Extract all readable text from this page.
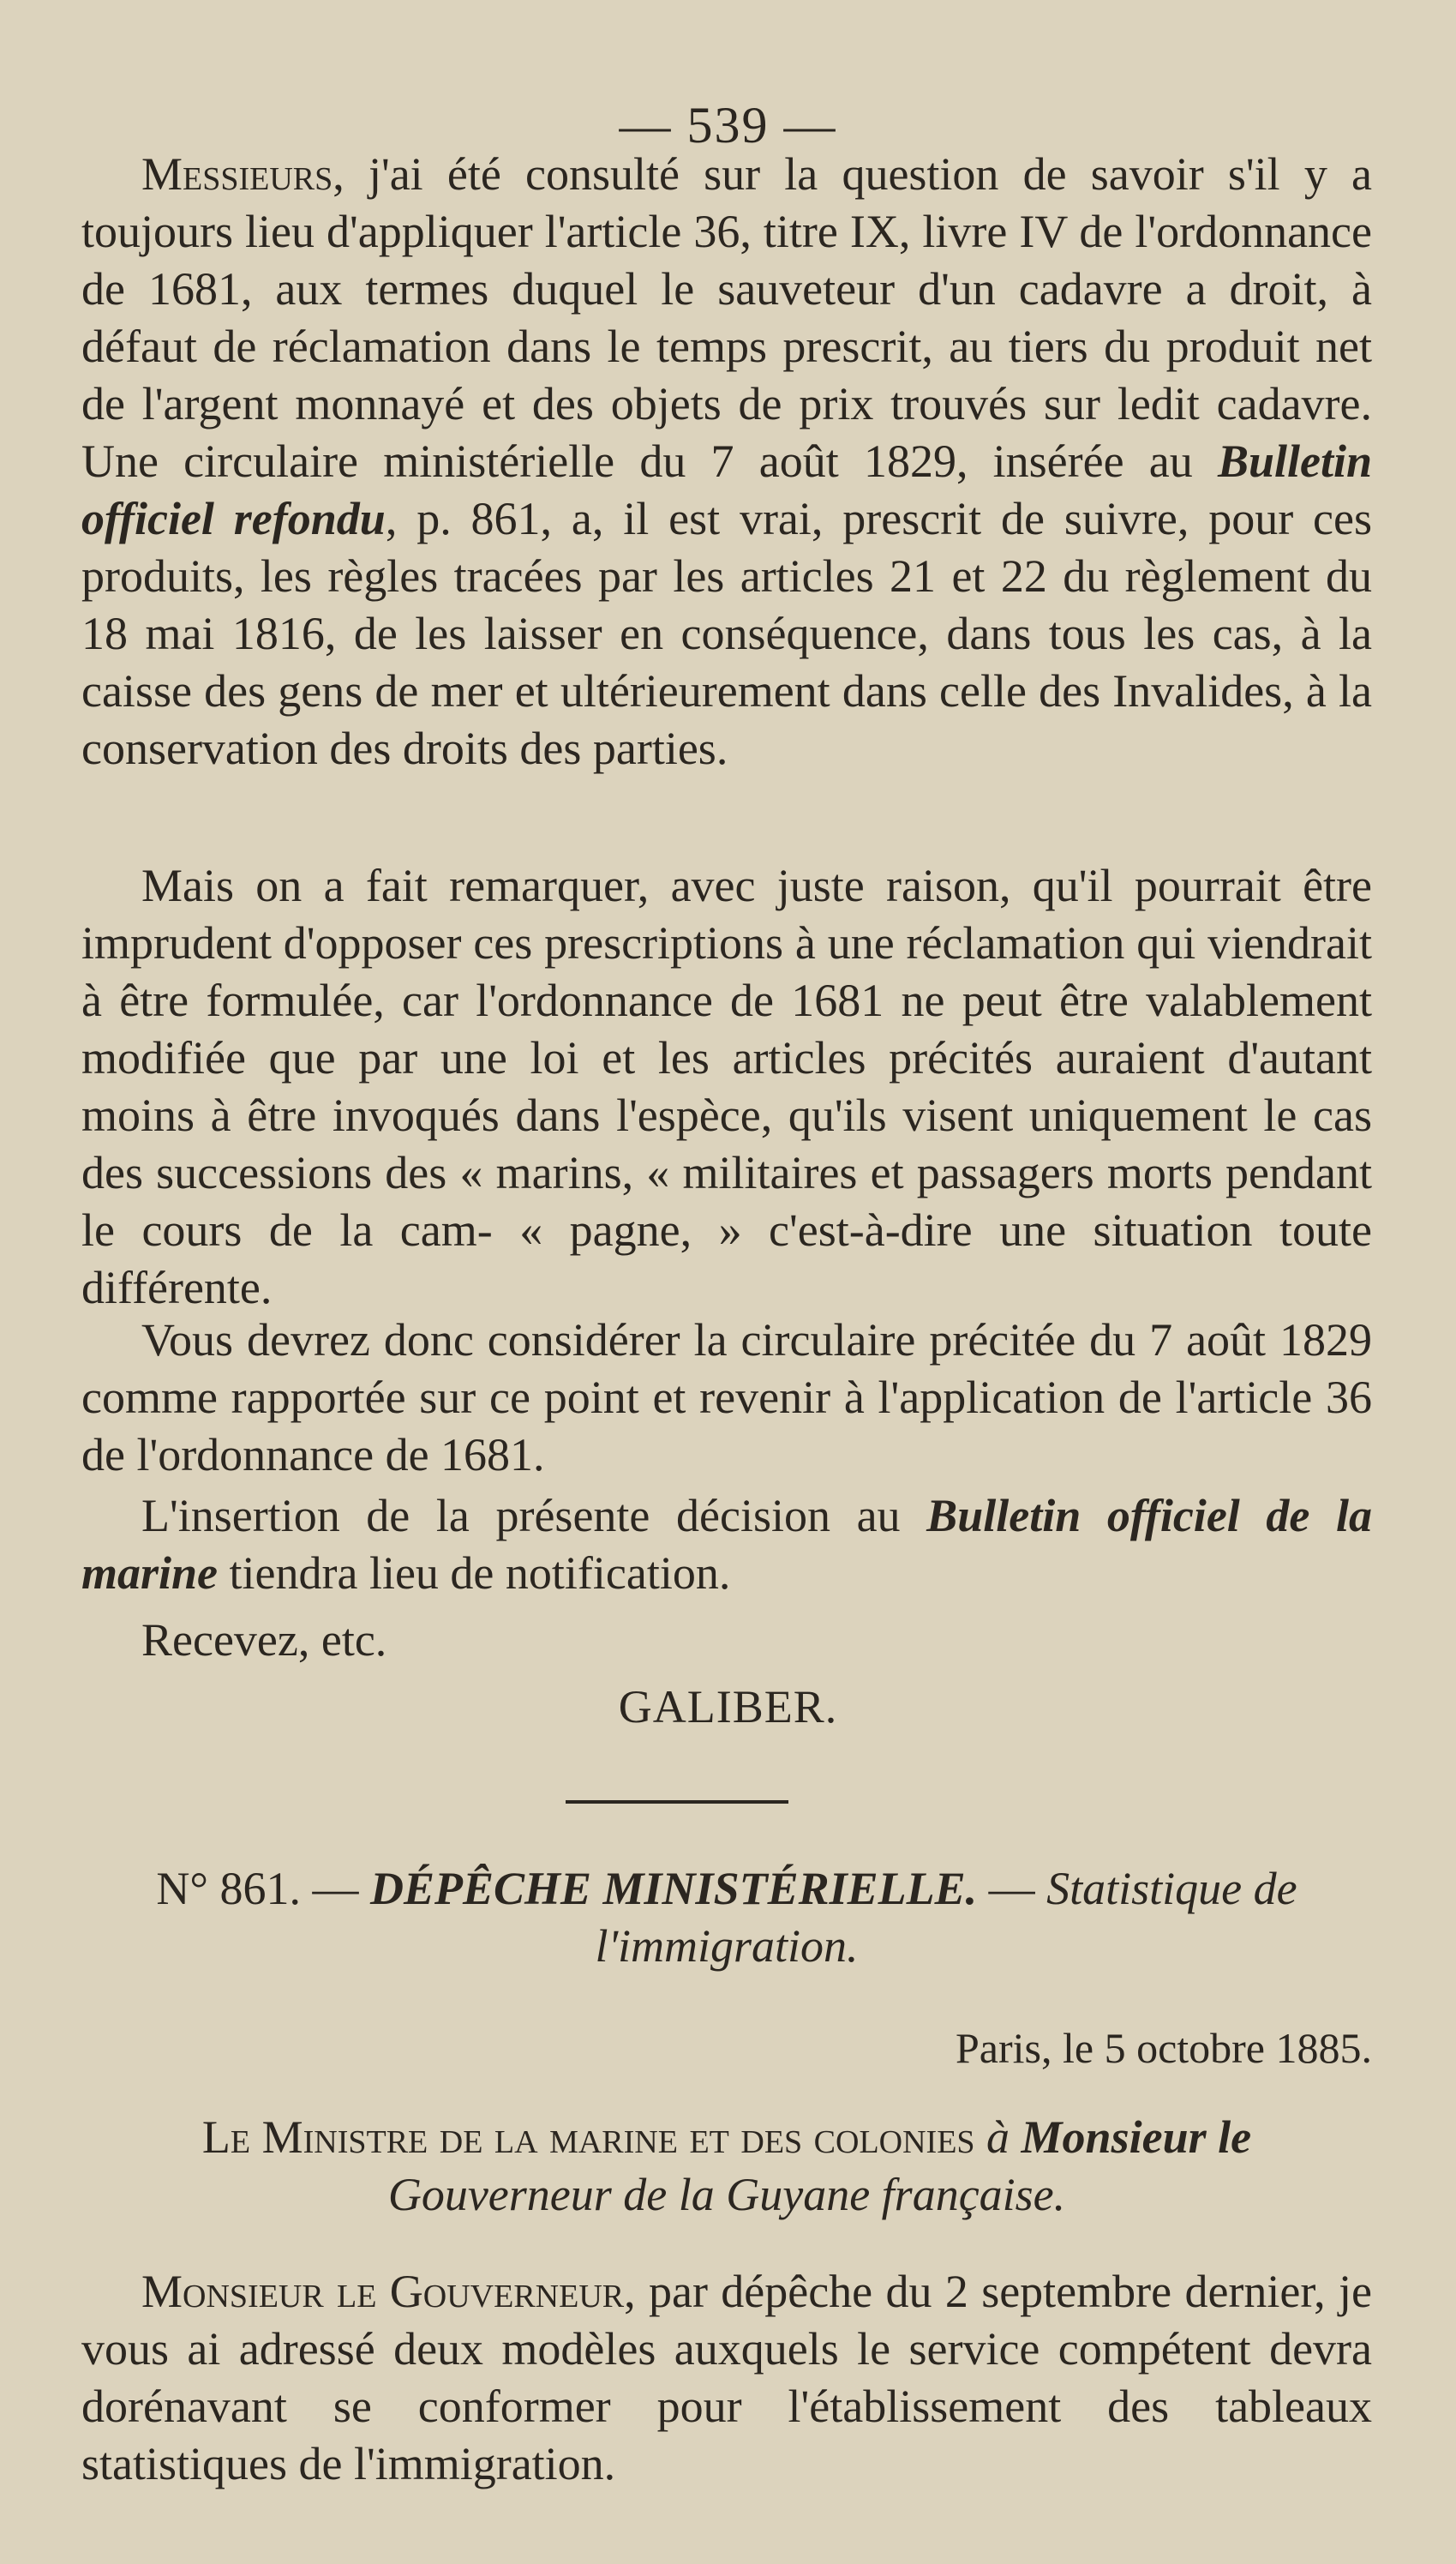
— 539 —

Messieurs, j'ai été consulté sur la question de savoir s'il y a toujours lieu d'appliquer l'article 36, titre IX, livre IV de l'ordonnance de 1681, aux termes duquel le sauveteur d'un cadavre a droit, à défaut de réclamation dans le temps prescrit, au tiers du produit net de l'argent monnayé et des objets de prix trouvés sur ledit cadavre. Une circulaire ministérielle du 7 août 1829, insérée au Bulletin officiel refondu, p. 861, a, il est vrai, prescrit de suivre, pour ces produits, les règles tracées par les articles 21 et 22 du règlement du 18 mai 1816, de les laisser en conséquence, dans tous les cas, à la caisse des gens de mer et ultérieurement dans celle des Invalides, à la conservation des droits des parties.

Mais on a fait remarquer, avec juste raison, qu'il pourrait être imprudent d'opposer ces prescriptions à une réclamation qui viendrait à être formulée, car l'ordonnance de 1681 ne peut être valablement modifiée que par une loi et les articles précités auraient d'autant moins à être invoqués dans l'espèce, qu'ils visent uniquement le cas des successions des « marins, « militaires et passagers morts pendant le cours de la cam- « pagne, » c'est-à-dire une situation toute différente.

Vous devrez donc considérer la circulaire précitée du 7 août 1829 comme rapportée sur ce point et revenir à l'application de l'article 36 de l'ordonnance de 1681.

L'insertion de la présente décision au Bulletin officiel de la marine tiendra lieu de notification.

Recevez, etc.

GALIBER.

N° 861. — DÉPÊCHE MINISTÉRIELLE. — Statistique de l'immigration.

Paris, le 5 octobre 1885.

Le Ministre de la marine et des colonies à Monsieur le
Gouverneur de la Guyane française.

Monsieur le Gouverneur, par dépêche du 2 septembre dernier, je vous ai adressé deux modèles auxquels le service compétent devra dorénavant se conformer pour l'établissement des tableaux statistiques de l'immigration.
